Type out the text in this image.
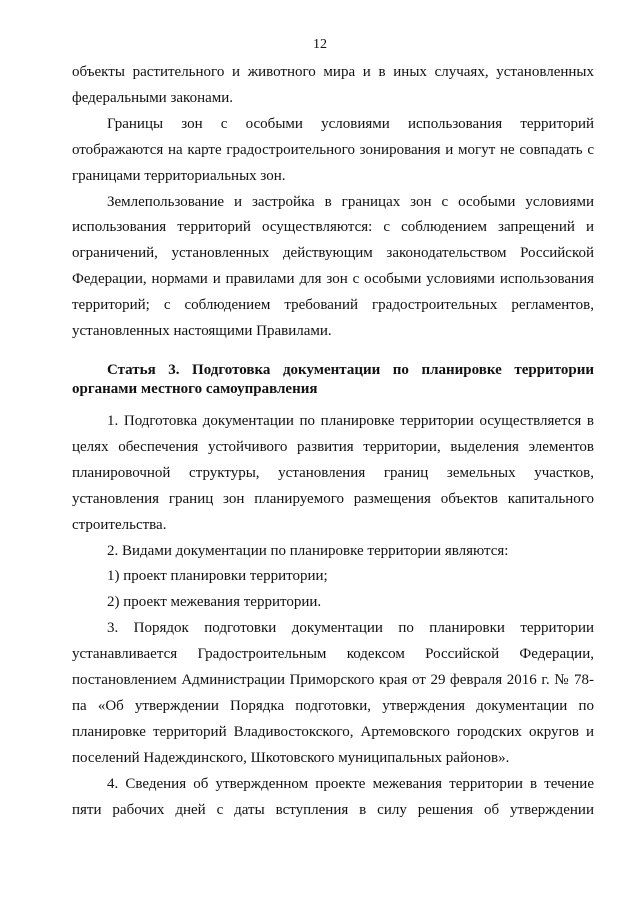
12

объекты растительного и животного мира и в иных случаях, установленных федеральными законами.

Границы зон с особыми условиями использования территорий отображаются на карте градостроительного зонирования и могут не совпадать с границами территориальных зон.

Землепользование и застройка в границах зон с особыми условиями использования территорий осуществляются: с соблюдением запрещений и ограничений, установленных действующим законодательством Российской Федерации, нормами и правилами для зон с особыми условиями использования территорий; с соблюдением требований градостроительных регламентов, установленных настоящими Правилами.

Статья 3. Подготовка документации по планировке территории органами местного самоуправления

1. Подготовка документации по планировке территории осуществляется в целях обеспечения устойчивого развития территории, выделения элементов планировочной структуры, установления границ земельных участков, установления границ зон планируемого размещения объектов капитального строительства.

2. Видами документации по планировке территории являются:

1) проект планировки территории;

2) проект межевания территории.

3. Порядок подготовки документации по планировки территории устанавливается Градостроительным кодексом Российской Федерации, постановлением Администрации Приморского края от 29 февраля 2016 г. № 78-па «Об утверждении Порядка подготовки, утверждения документации по планировке территорий Владивостокского, Артемовского городских округов и поселений Надеждинского, Шкотовского муниципальных районов».

4. Сведения об утвержденном проекте межевания территории в течение пяти рабочих дней с даты вступления в силу решения об утверждении
